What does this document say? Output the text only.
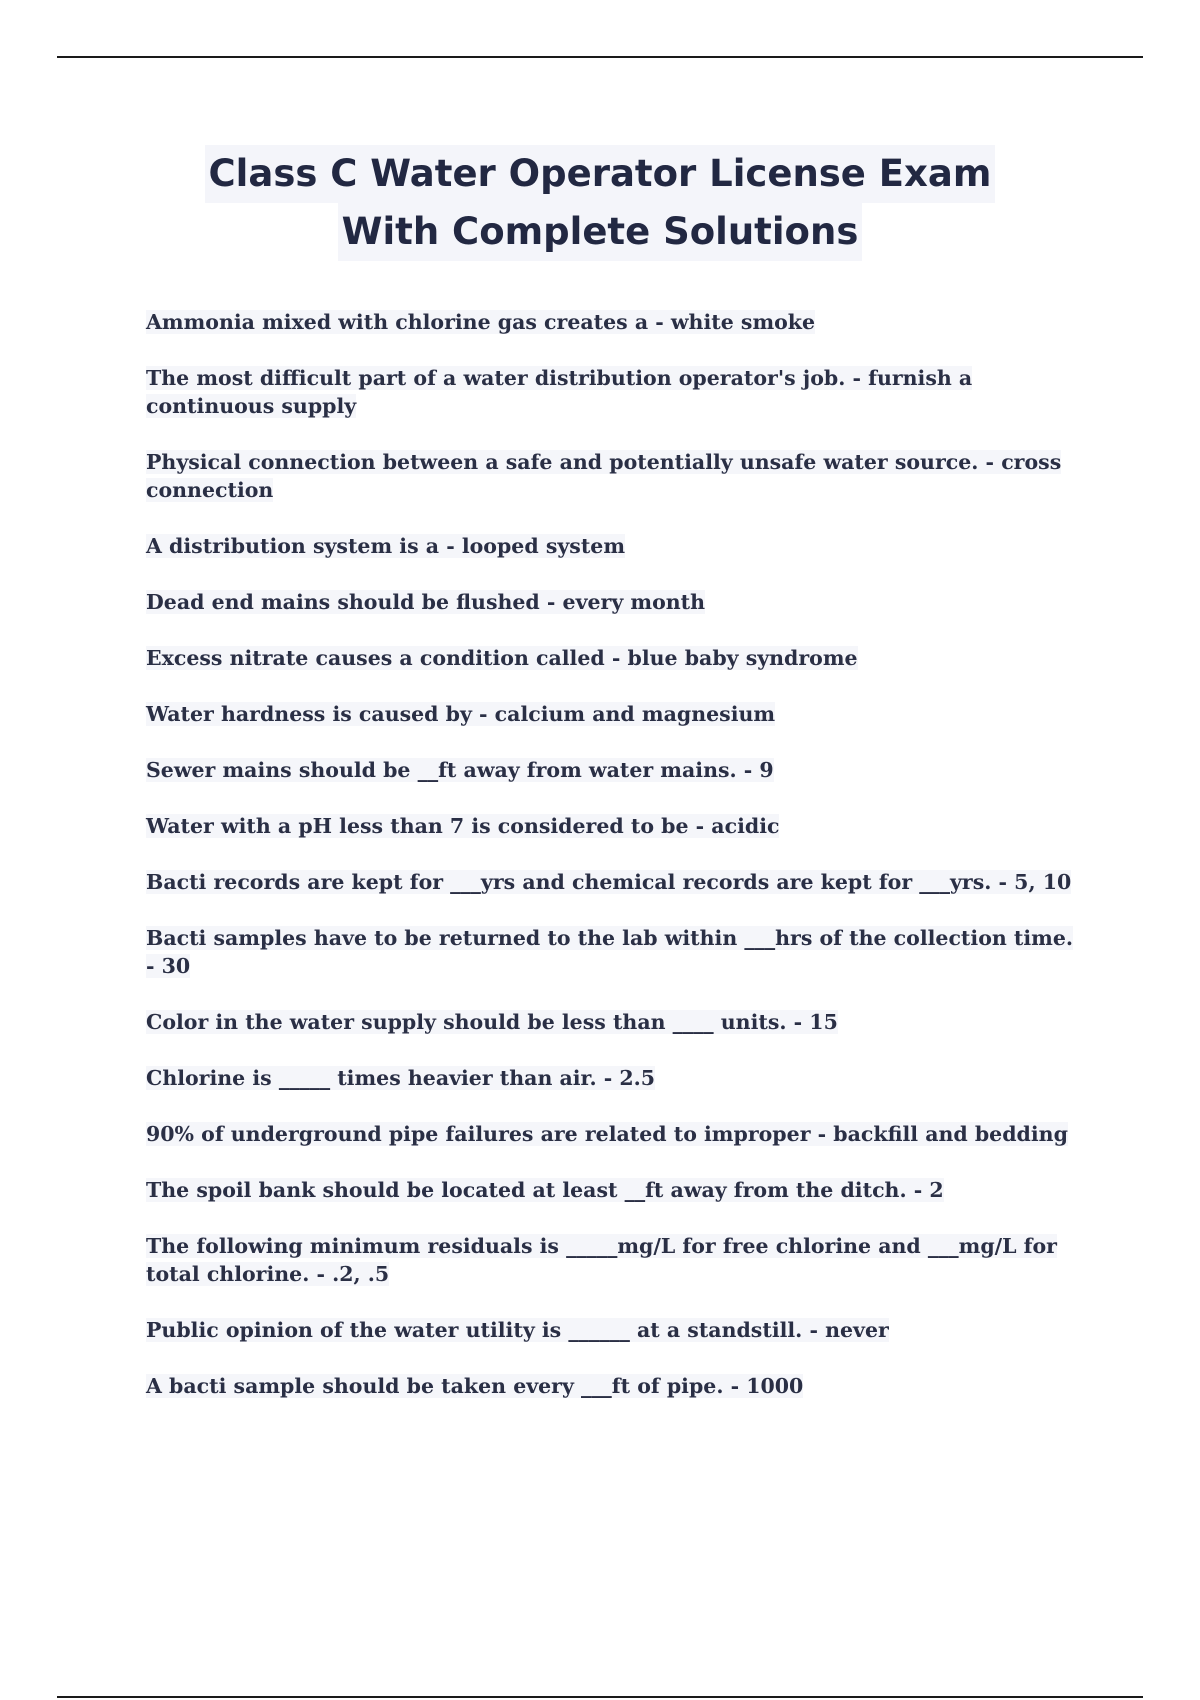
Class C Water Operator License Exam
With Complete Solutions
Ammonia mixed with chlorine gas creates a - white smoke
The most difficult part of a water distribution operator's job. - furnish a continuous supply
Physical connection between a safe and potentially unsafe water source. - cross connection
A distribution system is a - looped system
Dead end mains should be flushed - every month
Excess nitrate causes a condition called - blue baby syndrome
Water hardness is caused by - calcium and magnesium
Sewer mains should be __ft away from water mains. - 9
Water with a pH less than 7 is considered to be - acidic
Bacti records are kept for ___yrs and chemical records are kept for ___yrs. - 5, 10
Bacti samples have to be returned to the lab within ___hrs of the collection time. - 30
Color in the water supply should be less than ____ units. - 15
Chlorine is _____ times heavier than air. - 2.5
90% of underground pipe failures are related to improper - backfill and bedding
The spoil bank should be located at least __ft away from the ditch. - 2
The following minimum residuals is _____mg/L for free chlorine and ___mg/L for total chlorine. - .2, .5
Public opinion of the water utility is ______ at a standstill. - never
A bacti sample should be taken every ___ft of pipe. - 1000
